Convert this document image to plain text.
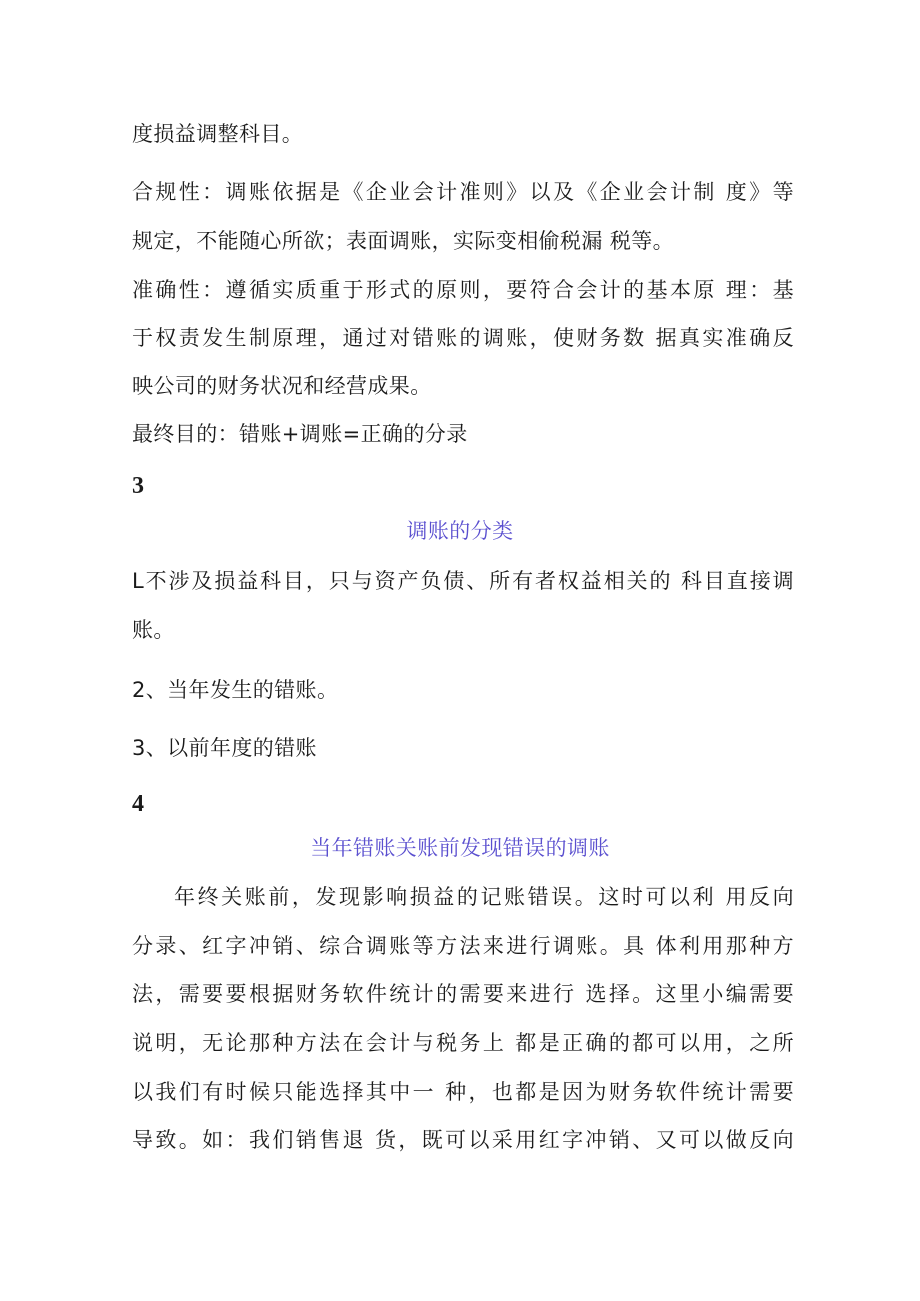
度损益调整科目。
合规性：调账依据是《企业会计准则》以及《企业会计制 度》等
规定，不能随心所欲；表面调账，实际变相偷税漏 税等。
准确性：遵循实质重于形式的原则，要符合会计的基本原 理：基
于权责发生制原理，通过对错账的调账，使财务数 据真实准确反
映公司的财务状况和经营成果。
最终目的：错账+调账=正确的分录
3
调账的分类
L不涉及损益科目，只与资产负债、所有者权益相关的 科目直接调
账。
2、当年发生的错账。
3、以前年度的错账
4
当年错账关账前发现错误的调账
年终关账前，发现影响损益的记账错误。这时可以利 用反向
分录、红字冲销、综合调账等方法来进行调账。具 体利用那种方
法，需要要根据财务软件统计的需要来进行 选择。这里小编需要
说明，无论那种方法在会计与税务上 都是正确的都可以用，之所
以我们有时候只能选择其中一 种，也都是因为财务软件统计需要
导致。如：我们销售退 货，既可以采用红字冲销、又可以做反向
